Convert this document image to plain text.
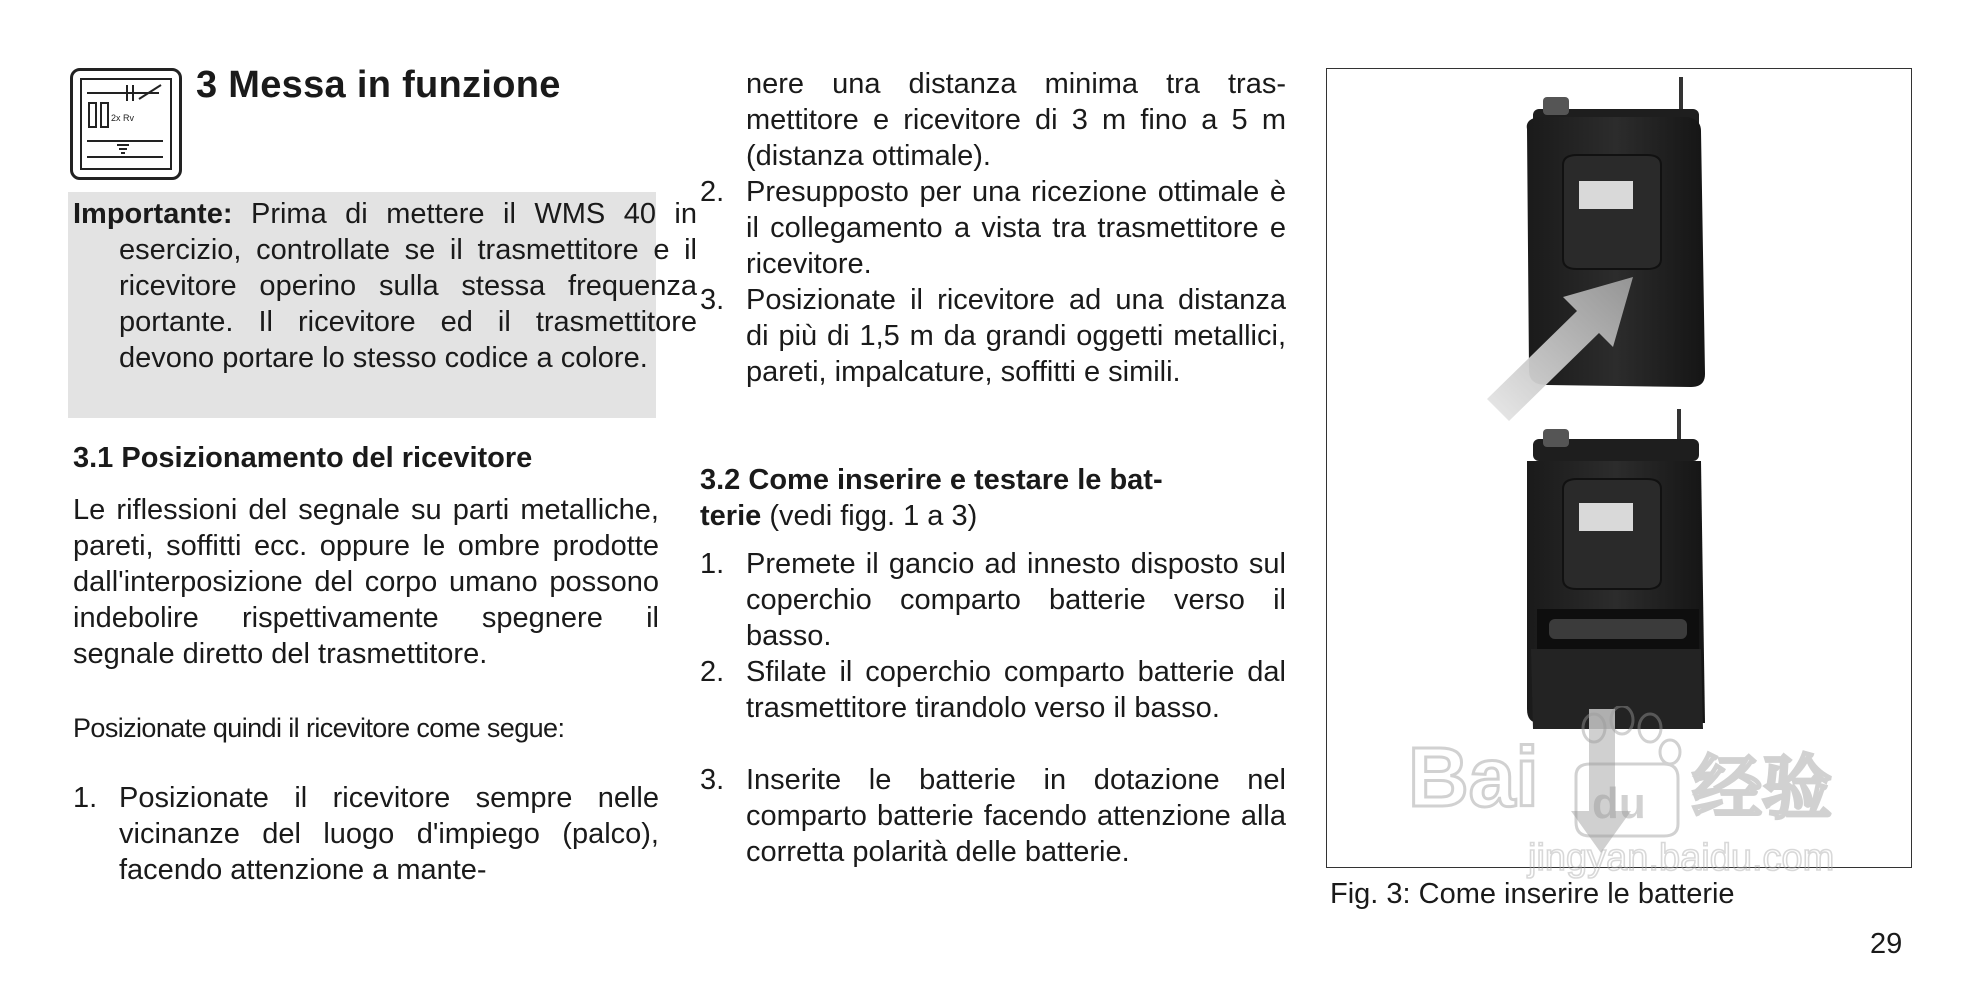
2x Rv
3 Messa in funzione

Importante: Prima di mettere il WMS 40 in esercizio, controllate se il trasmettitore e il ricevitore operino sulla stessa frequenza portante. Il ricevitore ed il trasmettitore devono portare lo stesso codice a colore.

3.1 Posizionamento del ricevitore

Le riflessioni del segnale su parti metalliche, pareti, soffitti ecc. oppure le ombre prodotte dall'interposizione del corpo umano possono indebolire rispettivamente spegnere il segnale diretto del trasmettitore.

Posizionate quindi il ricevitore come segue:

1. Posizionate il ricevitore sempre nelle vicinanze del luogo d'impiego (palco), facendo attenzione a mante-
nere una distanza minima tra trasmettitore e ricevitore di 3 m fino a 5 m (distanza ottimale).
2. Presupposto per una ricezione ottimale è il collegamento a vista tra trasmettitore e ricevitore.
3. Posizionate il ricevitore ad una distanza di più di 1,5 m da grandi oggetti metallici, pareti, impalcature, soffitti e simili.
3.2 Come inserire e testare le bat-
terie (vedi figg. 1 a 3)
1. Premete il gancio ad innesto disposto sul coperchio comparto batterie verso il basso.
2. Sfilate il coperchio comparto batterie dal trasmettitore tirandolo verso il basso.
3. Inserite le batterie in dotazione nel comparto batterie facendo attenzione alla corretta polarità delle batterie.

Fig. 3: Come inserire le batterie

Bai du 经验
jingyan.baidu.com

29
